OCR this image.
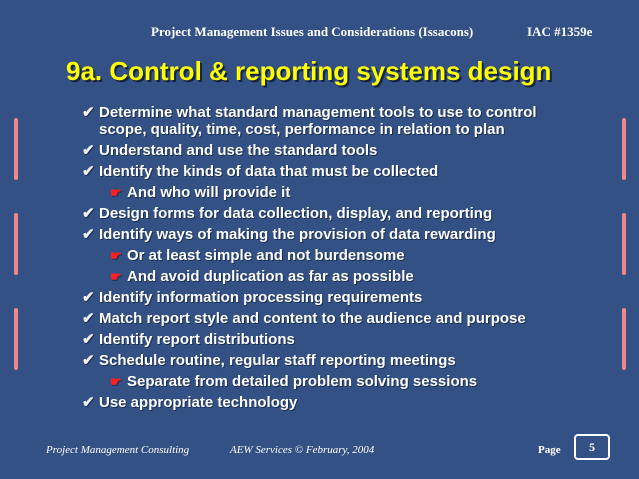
Project Management Issues and Considerations (Issacons)	IAC #1359e
9a. Control & reporting systems design
✔ Determine what standard management tools to use to control scope, quality, time, cost, performance in relation to plan
✔ Understand and use the standard tools
✔ Identify the kinds of data that must be collected
☛ And who will provide it
✔ Design forms for data collection, display, and reporting
✔ Identify ways of making the provision of data rewarding
☛ Or at least simple and not burdensome
☛ And avoid duplication as far as possible
✔ Identify information processing requirements
✔ Match report style and content to the audience and purpose
✔ Identify report distributions
✔ Schedule routine, regular staff reporting meetings
☛ Separate from detailed problem solving sessions
✔ Use appropriate technology
Project Management Consulting	AEW Services © February, 2004	Page 5
